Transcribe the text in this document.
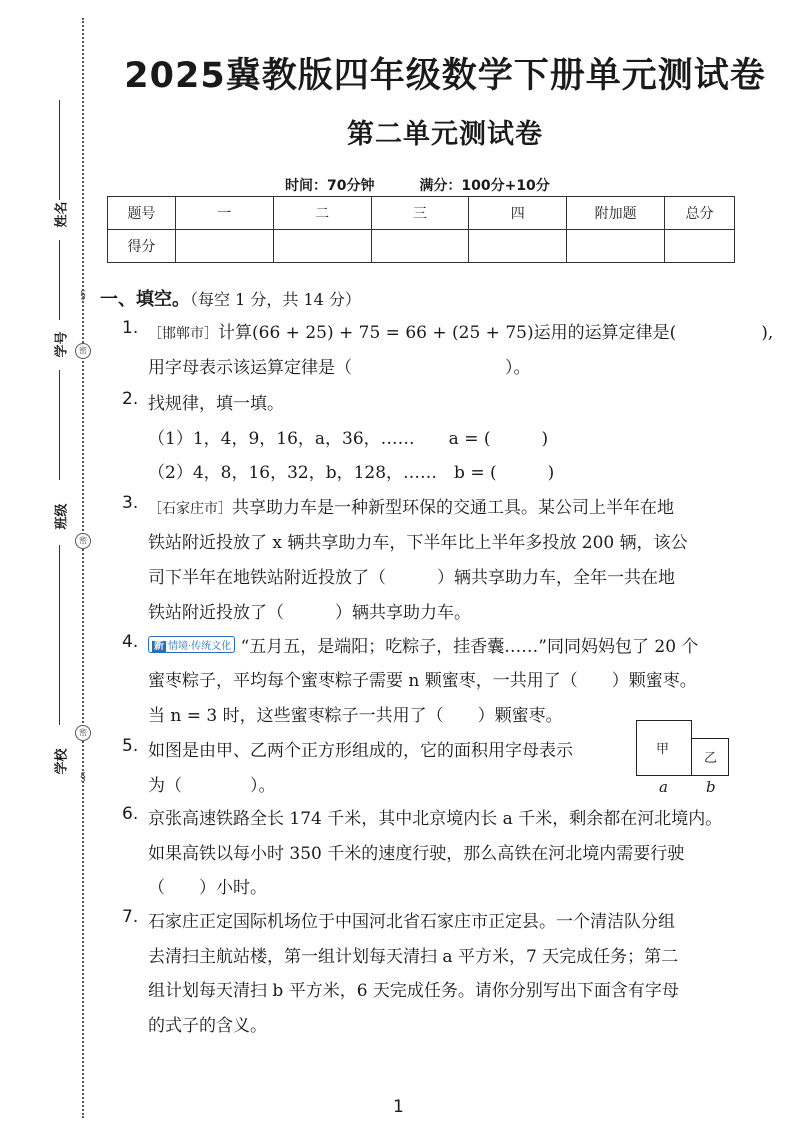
姓名
学号
班级
学校
§
密
密
密
§
2025冀教版四年级数学下册单元测试卷
第二单元测试卷
时间：70分钟	满分：100分+10分
题号	一	二	三	四	附加题	总分
得分						
一、填空。（每空 1 分，共 14 分）
1. ［邯郸市］计算(66 + 25) + 75 = 66 + (25 + 75)运用的运算定律是(　　　　　),
用字母表示该运算定律是（　　　　　　　　　）。
2. 找规律，填一填。
（1）1，4，9，16，a，36，……　　a = (　　　)
（2）4，8，16，32，b，128，……　b = (　　　)
3. ［石家庄市］共享助力车是一种新型环保的交通工具。某公司上半年在地
铁站附近投放了 x 辆共享助力车，下半年比上半年多投放 200 辆，该公
司下半年在地铁站附近投放了（　　　）辆共享助力车，全年一共在地
铁站附近投放了（　　　）辆共享助力车。
4.	新 情境·传统文化 “五月五，是端阳；吃粽子，挂香囊……”同同妈妈包了 20 个
蜜枣粽子，平均每个蜜枣粽子需要 n 颗蜜枣，一共用了（　　）颗蜜枣。
当 n = 3 时，这些蜜枣粽子一共用了（　　）颗蜜枣。
5. 如图是由甲、乙两个正方形组成的，它的面积用字母表示
为（　　　　）。
甲
乙
a	b
6. 京张高速铁路全长 174 千米，其中北京境内长 a 千米，剩余都在河北境内。
如果高铁以每小时 350 千米的速度行驶，那么高铁在河北境内需要行驶
（　　）小时。
7. 石家庄正定国际机场位于中国河北省石家庄市正定县。一个清洁队分组
去清扫主航站楼，第一组计划每天清扫 a 平方米，7 天完成任务；第二
组计划每天清扫 b 平方米，6 天完成任务。请你分别写出下面含有字母
的式子的含义。
1
